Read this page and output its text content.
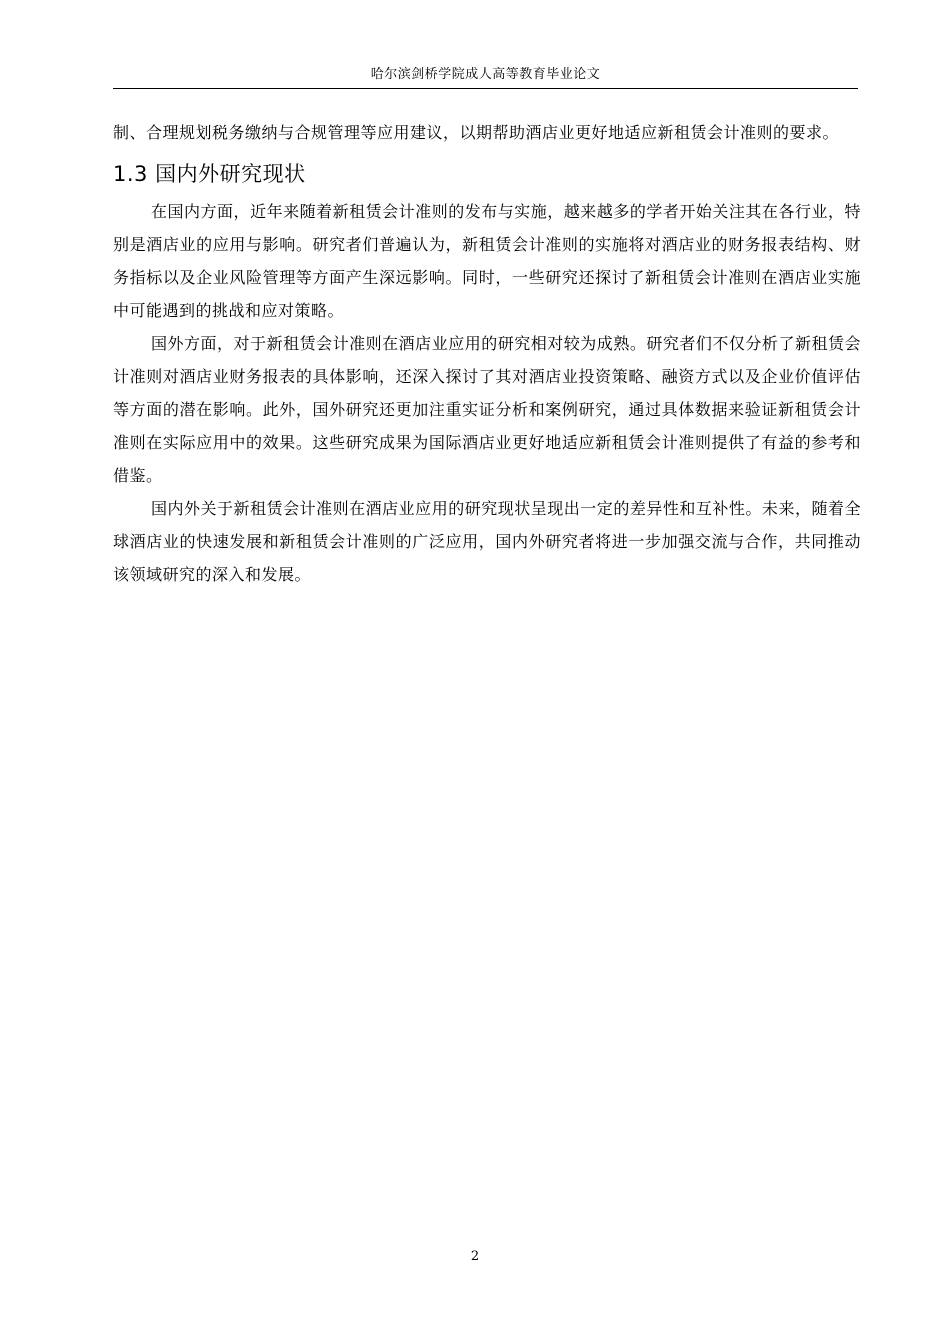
哈尔滨剑桥学院成人高等教育毕业论文

制、合理规划税务缴纳与合规管理等应用建议，以期帮助酒店业更好地适应新租赁会计准则的要求。

1.3 国内外研究现状

在国内方面，近年来随着新租赁会计准则的发布与实施，越来越多的学者开始关注其在各行业，特别是酒店业的应用与影响。研究者们普遍认为，新租赁会计准则的实施将对酒店业的财务报表结构、财务指标以及企业风险管理等方面产生深远影响。同时，一些研究还探讨了新租赁会计准则在酒店业实施中可能遇到的挑战和应对策略。

国外方面，对于新租赁会计准则在酒店业应用的研究相对较为成熟。研究者们不仅分析了新租赁会计准则对酒店业财务报表的具体影响，还深入探讨了其对酒店业投资策略、融资方式以及企业价值评估等方面的潜在影响。此外，国外研究还更加注重实证分析和案例研究，通过具体数据来验证新租赁会计准则在实际应用中的效果。这些研究成果为国际酒店业更好地适应新租赁会计准则提供了有益的参考和借鉴。

国内外关于新租赁会计准则在酒店业应用的研究现状呈现出一定的差异性和互补性。未来，随着全球酒店业的快速发展和新租赁会计准则的广泛应用，国内外研究者将进一步加强交流与合作，共同推动该领域研究的深入和发展。

2
